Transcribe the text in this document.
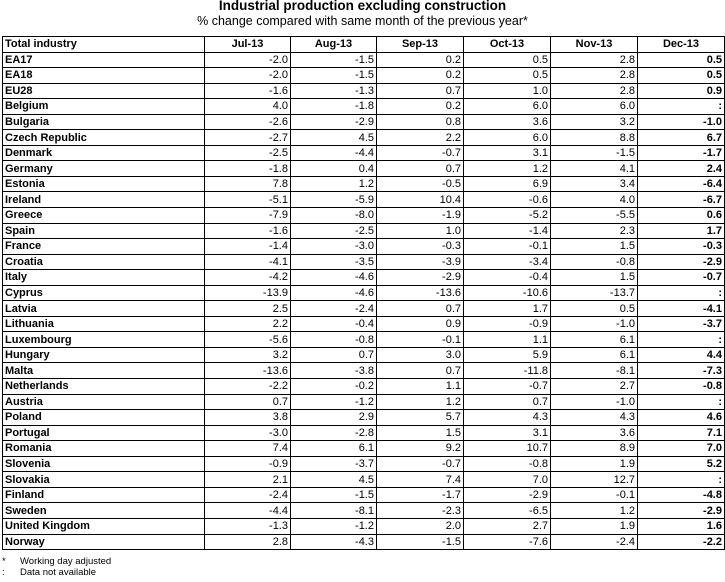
Industrial production excluding construction
% change compared with same month of the previous year*
Total industry	Jul-13	Aug-13	Sep-13	Oct-13	Nov-13	Dec-13
EA17	-2.0	-1.5	0.2	0.5	2.8	0.5
EA18	-2.0	-1.5	0.2	0.5	2.8	0.5
EU28	-1.6	-1.3	0.7	1.0	2.8	0.9
Belgium	4.0	-1.8	0.2	6.0	6.0	:
Bulgaria	-2.6	-2.9	0.8	3.6	3.2	-1.0
Czech Republic	-2.7	4.5	2.2	6.0	8.8	6.7
Denmark	-2.5	-4.4	-0.7	3.1	-1.5	-1.7
Germany	-1.8	0.4	0.7	1.2	4.1	2.4
Estonia	7.8	1.2	-0.5	6.9	3.4	-6.4
Ireland	-5.1	-5.9	10.4	-0.6	4.0	-6.7
Greece	-7.9	-8.0	-1.9	-5.2	-5.5	0.6
Spain	-1.6	-2.5	1.0	-1.4	2.3	1.7
France	-1.4	-3.0	-0.3	-0.1	1.5	-0.3
Croatia	-4.1	-3.5	-3.9	-3.4	-0.8	-2.9
Italy	-4.2	-4.6	-2.9	-0.4	1.5	-0.7
Cyprus	-13.9	-4.6	-13.6	-10.6	-13.7	:
Latvia	2.5	-2.4	0.7	1.7	0.5	-4.1
Lithuania	2.2	-0.4	0.9	-0.9	-1.0	-3.7
Luxembourg	-5.6	-0.8	-0.1	1.1	6.1	:
Hungary	3.2	0.7	3.0	5.9	6.1	4.4
Malta	-13.6	-3.8	0.7	-11.8	-8.1	-7.3
Netherlands	-2.2	-0.2	1.1	-0.7	2.7	-0.8
Austria	0.7	-1.2	1.2	0.7	-1.0	:
Poland	3.8	2.9	5.7	4.3	4.3	4.6
Portugal	-3.0	-2.8	1.5	3.1	3.6	7.1
Romania	7.4	6.1	9.2	10.7	8.9	7.0
Slovenia	-0.9	-3.7	-0.7	-0.8	1.9	5.2
Slovakia	2.1	4.5	7.4	7.0	12.7	:
Finland	-2.4	-1.5	-1.7	-2.9	-0.1	-4.8
Sweden	-4.4	-8.1	-2.3	-6.5	1.2	-2.9
United Kingdom	-1.3	-1.2	2.0	2.7	1.9	1.6
Norway	2.8	-4.3	-1.5	-7.6	-2.4	-2.2
*	Working day adjusted
:	Data not available
